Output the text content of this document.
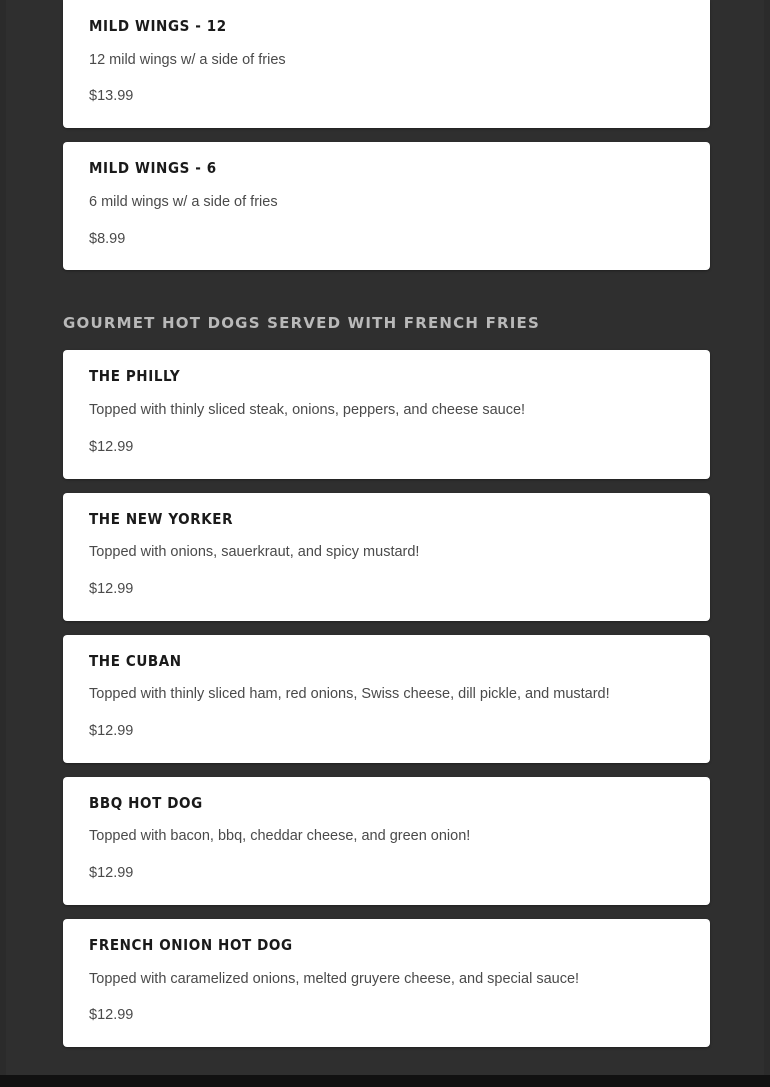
MILD WINGS - 12
12 mild wings w/ a side of fries
$13.99
MILD WINGS - 6
6 mild wings w/ a side of fries
$8.99
GOURMET HOT DOGS SERVED WITH FRENCH FRIES
THE PHILLY
Topped with thinly sliced steak, onions, peppers, and cheese sauce!
$12.99
THE NEW YORKER
Topped with onions, sauerkraut, and spicy mustard!
$12.99
THE CUBAN
Topped with thinly sliced ham, red onions, Swiss cheese, dill pickle, and mustard!
$12.99
BBQ HOT DOG
Topped with bacon, bbq, cheddar cheese, and green onion!
$12.99
FRENCH ONION HOT DOG
Topped with caramelized onions, melted gruyere cheese, and special sauce!
$12.99
